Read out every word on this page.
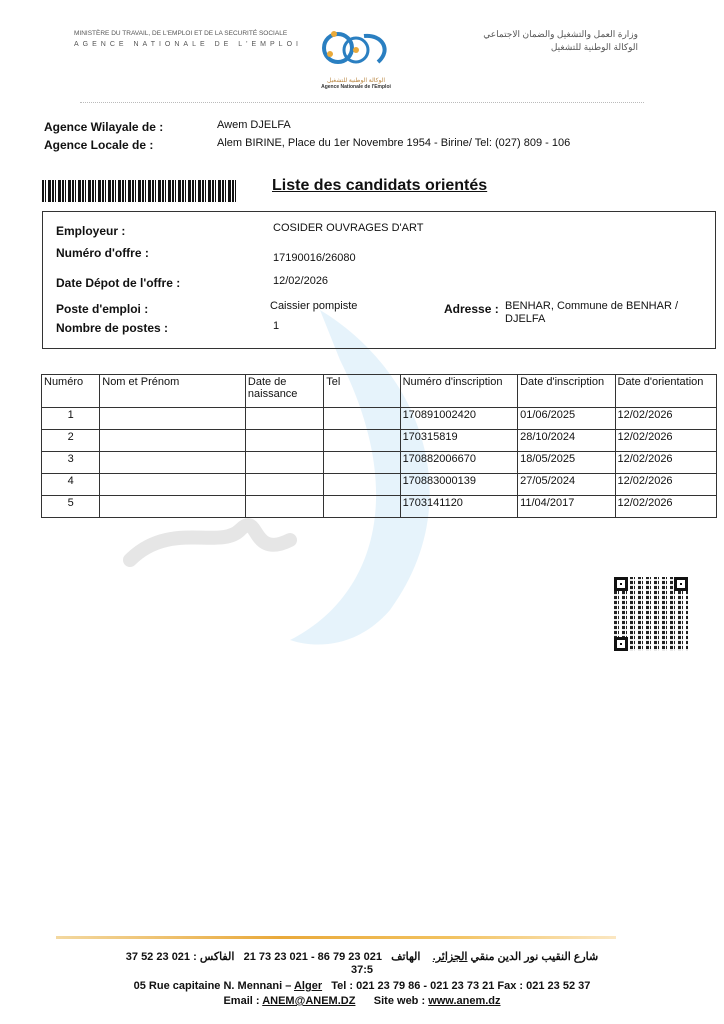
MINISTÈRE DU TRAVAIL, DE L'EMPLOI ET DE LA SECURITÉ SOCIALE
AGENCE NATIONALE DE L'EMPLOI
الوكالة الوطنية للتشغيل
Agence Nationale de l'Emploi
وزارة العمل والتشغيل والضمان الاجتماعي
الوكالة الوطنية للتشغيل
Agence Wilayale de :	Awem DJELFA
Agence Locale de :	Alem BIRINE, Place du 1er Novembre 1954 - Birine/ Tel: (027) 809 - 106
Liste des candidats orientés
Employeur :	COSIDER OUVRAGES D'ART
Numéro d'offre :	17190016/26080
Date Dépot de l'offre :	12/02/2026
Poste d'emploi :	Caissier pompiste	Adresse : BENHAR, Commune de BENHAR /
DJELFA
Nombre de postes :	1
Numéro	Nom et Prénom	Date de naissance	Tel	Numéro d'inscription	Date d'inscription	Date d'orientation
1				170891002420	01/06/2025	12/02/2026
2				170315819	28/10/2024	12/02/2026
3				170882006670	18/05/2025	12/02/2026
4				170883000139	27/05/2024	12/02/2026
5				1703141120	11/04/2017	12/02/2026
شارع النقيب نور الدين منقي الجزائر.    الهاتف   021 23 79 86 - 021 23 73 21   الفاكس : 021 23 52 37
37:5
05 Rue capitaine N. Mennani – Alger Tel : 021 23 79 86 - 021 23 73 21 Fax : 021 23 52 37
Email : ANEM@ANEM.DZ Site web : www.anem.dz
